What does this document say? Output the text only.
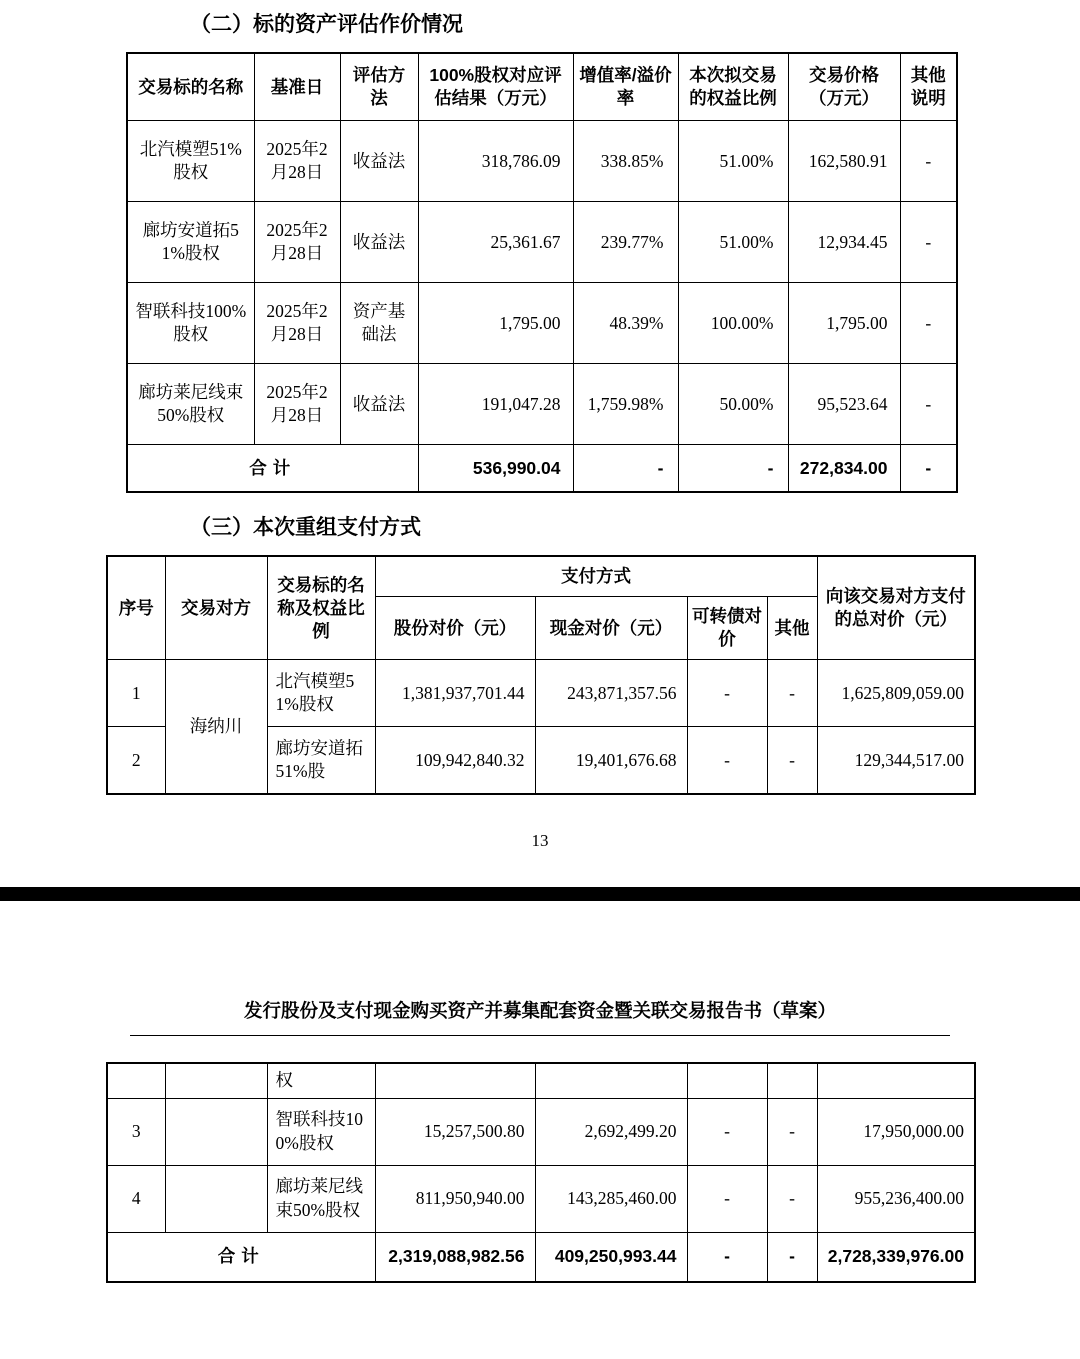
（二）标的资产评估作价情况
交易标的名称	基准日	评估方法	100%股权对应评估结果（万元）	增值率/溢价率	本次拟交易的权益比例	交易价格（万元）	其他说明
北汽模塑51%股权	2025年2月28日	收益法	318,786.09	338.85%	51.00%	162,580.91	-
廊坊安道拓51%股权	2025年2月28日	收益法	25,361.67	239.77%	51.00%	12,934.45	-
智联科技100%股权	2025年2月28日	资产基础法	1,795.00	48.39%	100.00%	1,795.00	-
廊坊莱尼线束50%股权	2025年2月28日	收益法	191,047.28	1,759.98%	50.00%	95,523.64	-
合计			536,990.04	-	-	272,834.00	-
（三）本次重组支付方式
序号	交易对方	交易标的名称及权益比例	支付方式				向该交易对方支付的总对价（元）
			股份对价（元）	现金对价（元）	可转债对价	其他	
1	海纳川	北汽模塑51%股权	1,381,937,701.44	243,871,357.56	-	-	1,625,809,059.00
2		廊坊安道拓51%股	109,942,840.32	19,401,676.68	-	-	129,344,517.00
13
发行股份及支付现金购买资产并募集配套资金暨关联交易报告书（草案）
		权					
3		智联科技100%股权	15,257,500.80	2,692,499.20	-	-	17,950,000.00
4		廊坊莱尼线束50%股权	811,950,940.00	143,285,460.00	-	-	955,236,400.00
合计			2,319,088,982.56	409,250,993.44	-	-	2,728,339,976.00
